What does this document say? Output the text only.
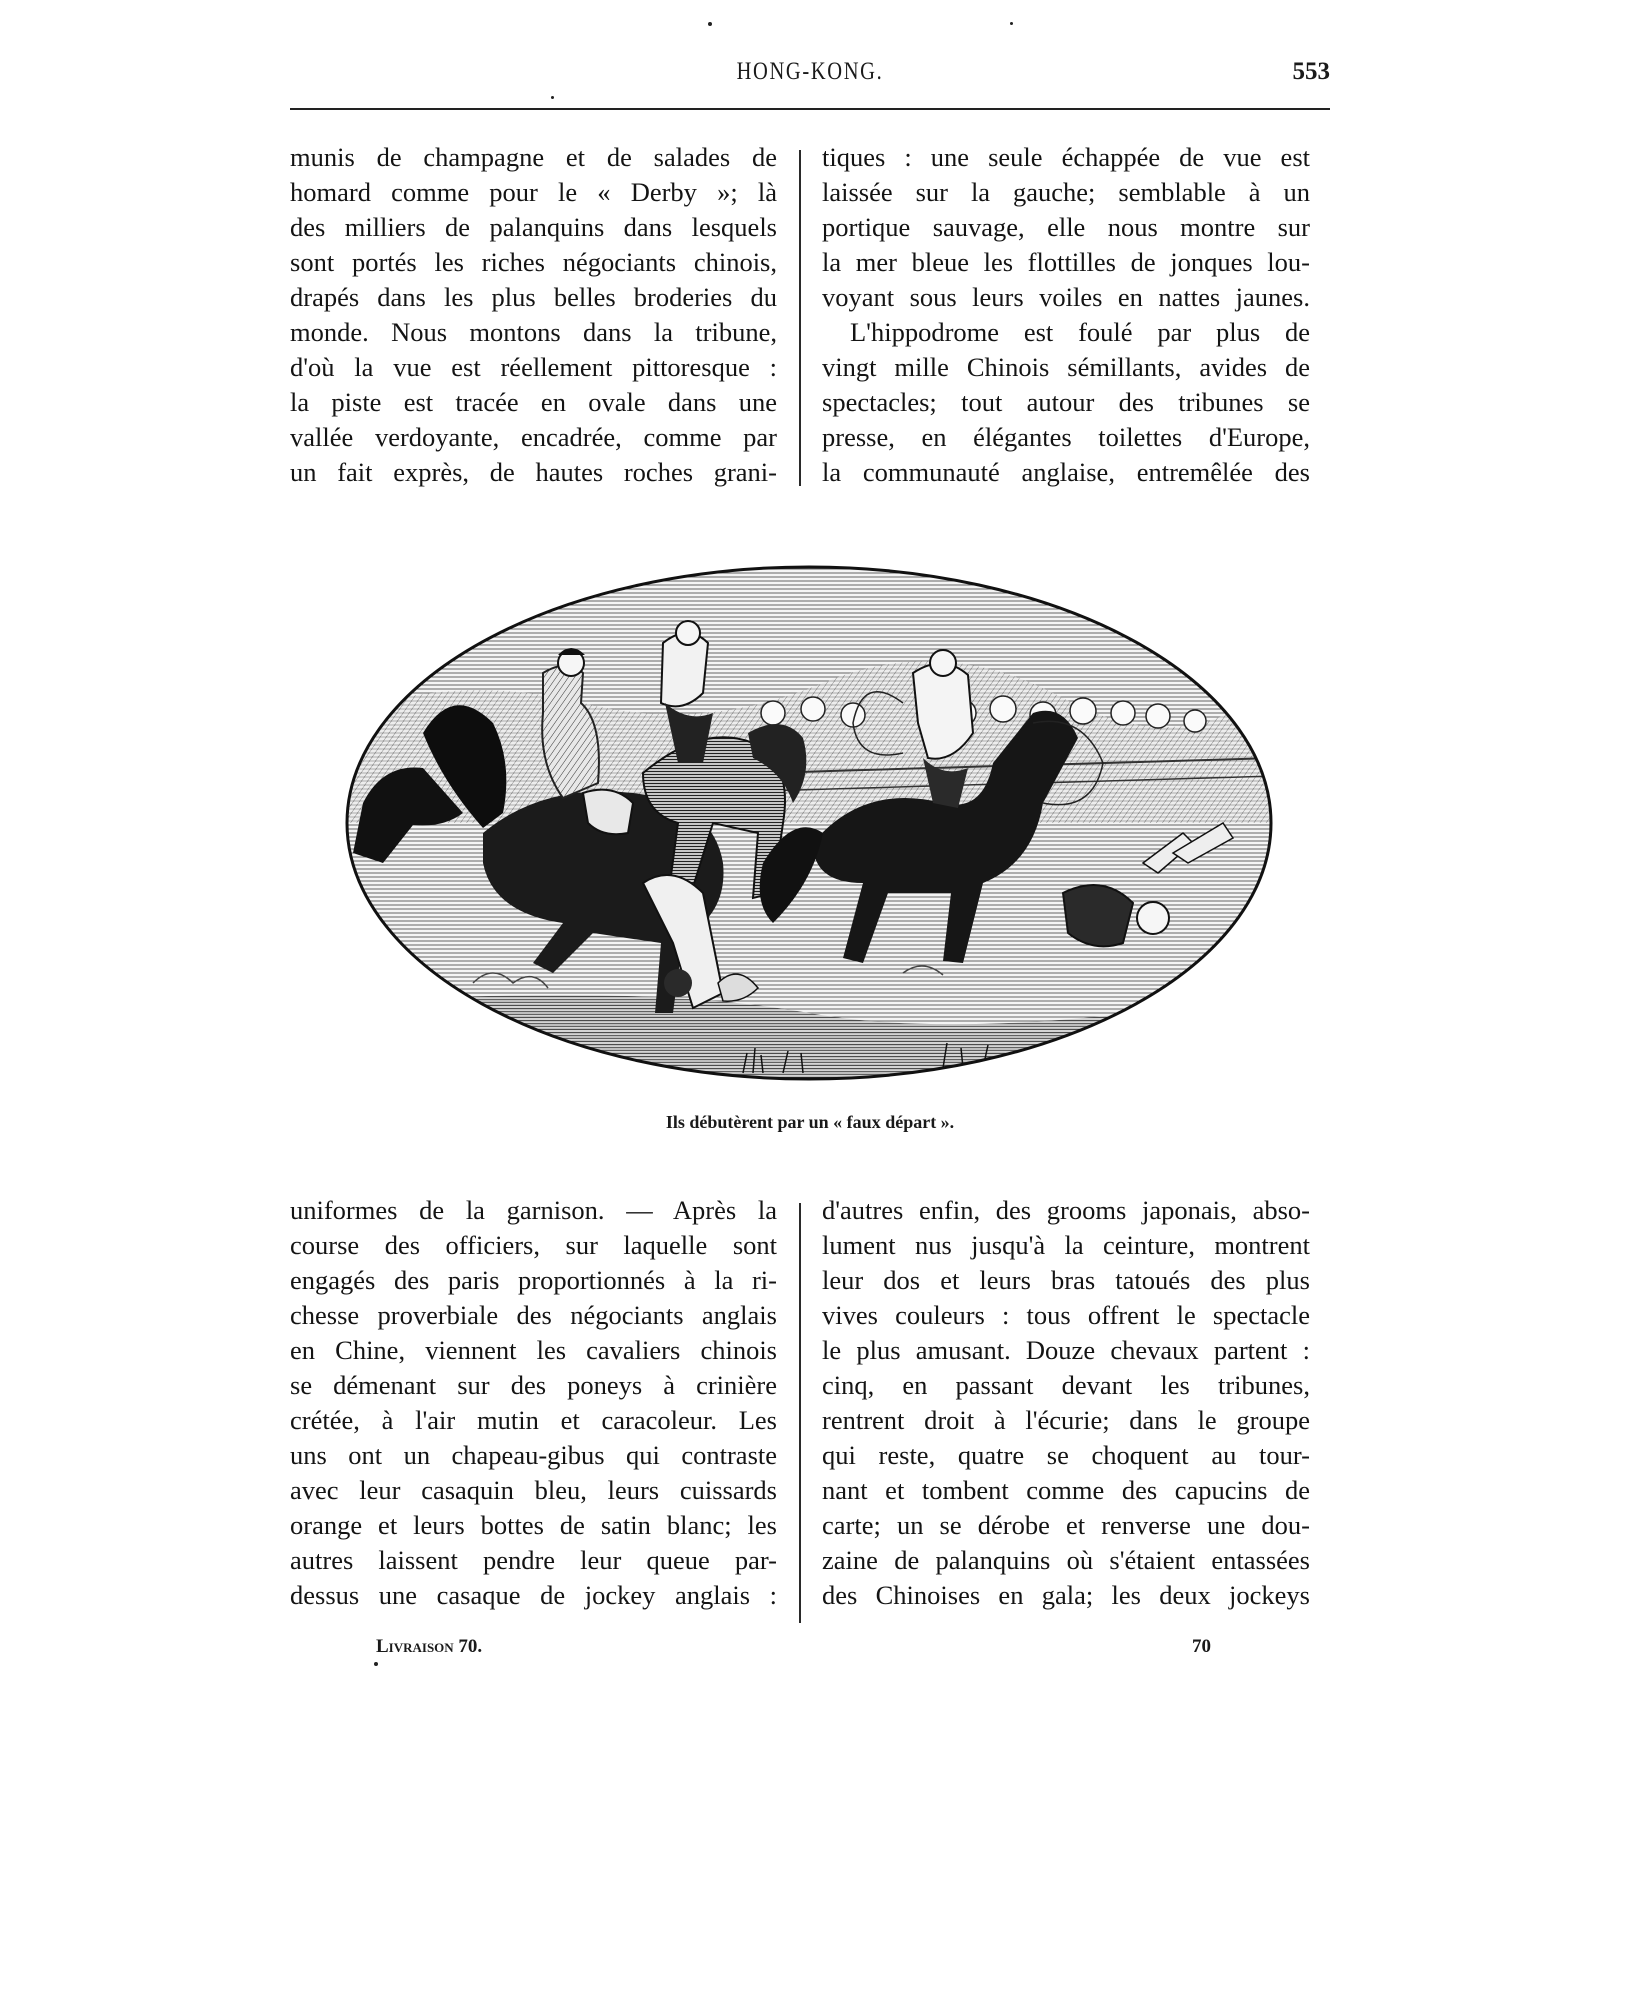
HONG-KONG.	553
munis de champagne et de salades de
homard comme pour le « Derby »; là
des milliers de palanquins dans lesquels
sont portés les riches négociants chinois,
drapés dans les plus belles broderies du
monde. Nous montons dans la tribune,
d'où la vue est réellement pittoresque :
la piste est tracée en ovale dans une
vallée verdoyante, encadrée, comme par
un fait exprès, de hautes roches grani-
tiques : une seule échappée de vue est
laissée sur la gauche; semblable à un
portique sauvage, elle nous montre sur
la mer bleue les flottilles de jonques lou-
voyant sous leurs voiles en nattes jaunes.
L'hippodrome est foulé par plus de
vingt mille Chinois sémillants, avides de
spectacles; tout autour des tribunes se
presse, en élégantes toilettes d'Europe,
la communauté anglaise, entremêlée des
Ils débutèrent par un « faux départ ».
uniformes de la garnison. — Après la
course des officiers, sur laquelle sont
engagés des paris proportionnés à la ri-
chesse proverbiale des négociants anglais
en Chine, viennent les cavaliers chinois
se démenant sur des poneys à crinière
crétée, à l'air mutin et caracoleur. Les
uns ont un chapeau-gibus qui contraste
avec leur casaquin bleu, leurs cuissards
orange et leurs bottes de satin blanc; les
autres laissent pendre leur queue par-
dessus une casaque de jockey anglais :
d'autres enfin, des grooms japonais, abso-
lument nus jusqu'à la ceinture, montrent
leur dos et leurs bras tatoués des plus
vives couleurs : tous offrent le spectacle
le plus amusant. Douze chevaux partent :
cinq, en passant devant les tribunes,
rentrent droit à l'écurie; dans le groupe
qui reste, quatre se choquent au tour-
nant et tombent comme des capucins de
carte; un se dérobe et renverse une dou-
zaine de palanquins où s'étaient entassées
des Chinoises en gala; les deux jockeys
Livraison 70.	70
